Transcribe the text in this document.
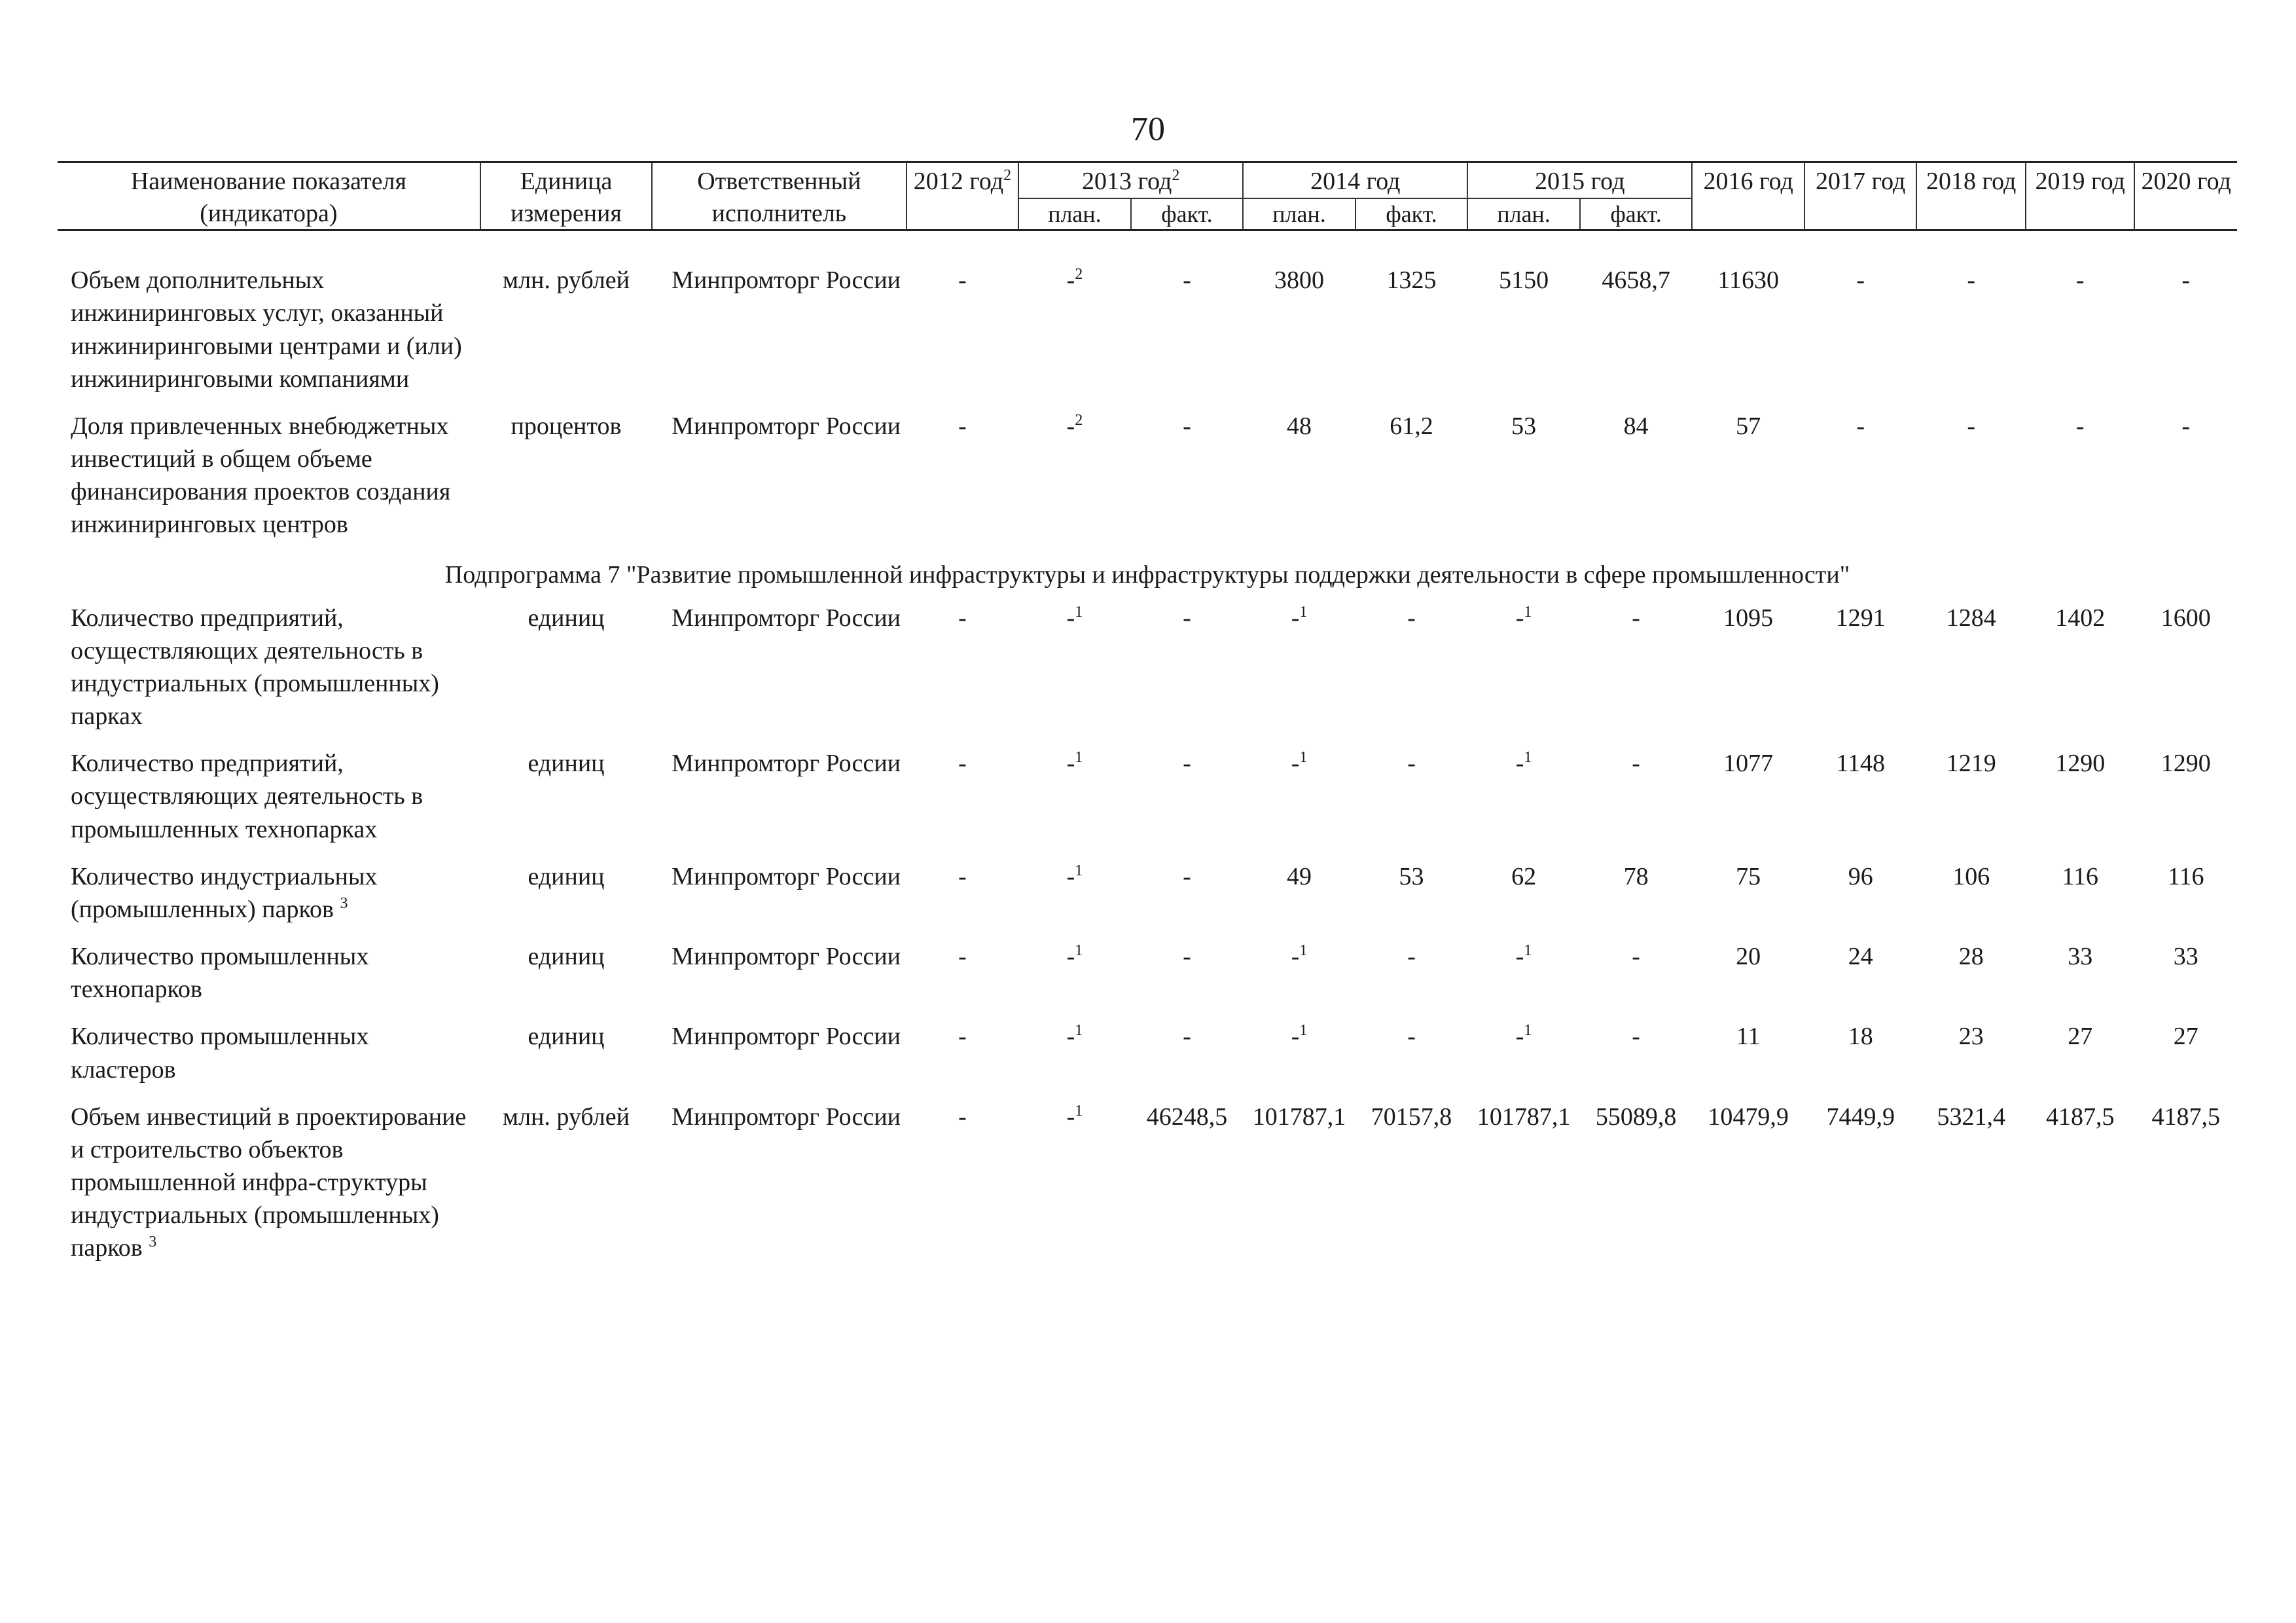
70
Наименование показателя (индикатора)	Единица измерения	Ответственный исполнитель	2012 год$^2$	2013 год$^2$		2014 год		2015 год		2016 год	2017 год	2018 год	2019 год	2020 год
				план.	факт.	план.	факт.	план.	факт.					
Объем дополнительных инжиниринговых услуг, оказанный инжиниринговыми центрами и (или) инжиниринговыми компаниями	млн. рублей	Минпромторг России	-	-$^2$	-	3800	1325	5150	4658,7	11630	-	-	-	-
Доля привлеченных внебюджетных инвестиций в общем объеме финансирования проектов создания инжиниринговых центров	процентов	Минпромторг России	-	-$^2$	-	48	61,2	53	84	57	-	-	-	-
Подпрограмма 7 "Развитие промышленной инфраструктуры и инфраструктуры поддержки деятельности в сфере промышленности"														
Количество предприятий, осуществляющих деятельность в индустриальных (промышленных) парках	единиц	Минпромторг России	-	-$^1$	-	-$^1$	-	-$^1$	-	1095	1291	1284	1402	1600
Количество предприятий, осуществляющих деятельность в промышленных технопарках	единиц	Минпромторг России	-	-$^1$	-	-$^1$	-	-$^1$	-	1077	1148	1219	1290	1290
Количество индустриальных (промышленных) парков $^3$	единиц	Минпромторг России	-	-$^1$	-	49	53	62	78	75	96	106	116	116
Количество промышленных технопарков	единиц	Минпромторг России	-	-$^1$	-	-$^1$	-	-$^1$	-	20	24	28	33	33
Количество промышленных кластеров	единиц	Минпромторг России	-	-$^1$	-	-$^1$	-	-$^1$	-	11	18	23	27	27
Объем инвестиций в проектирование и строительство объектов промышленной инфра-структуры индустриальных (промышленных) парков $^3$	млн. рублей	Минпромторг России	-	-$^1$	46248,5	101787,1	70157,8	101787,1	55089,8	10479,9	7449,9	5321,4	4187,5	4187,5
